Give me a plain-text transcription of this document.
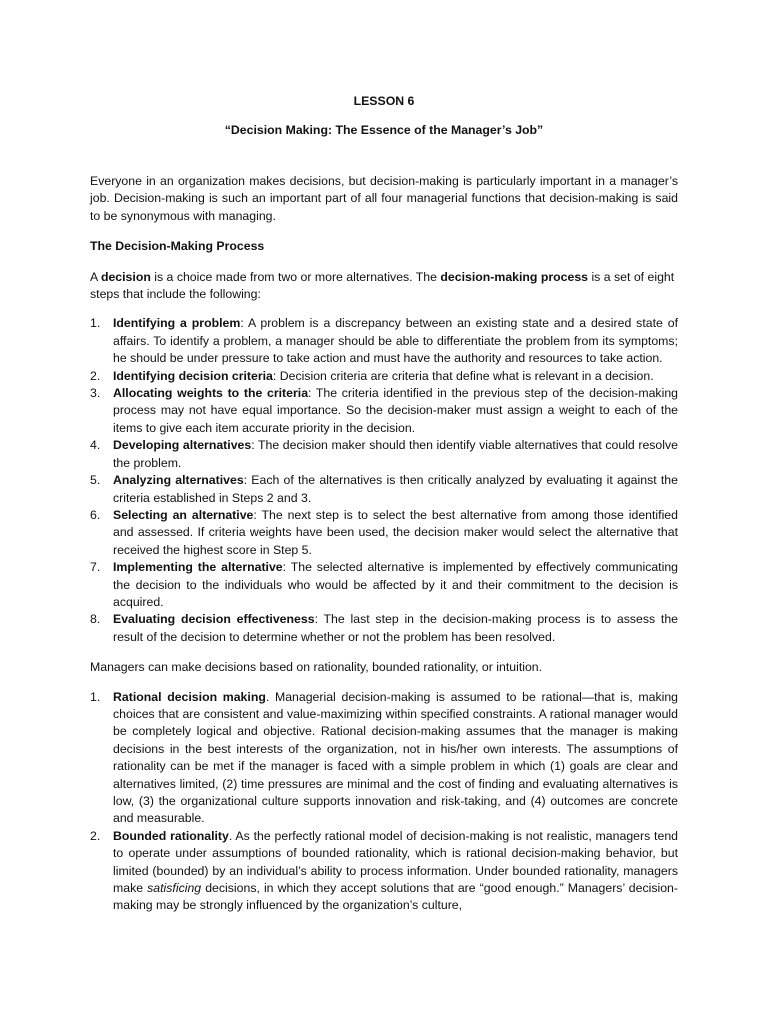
LESSON 6

“Decision Making: The Essence of the Manager’s Job”

Everyone in an organization makes decisions, but decision-making is particularly important in a manager’s job. Decision-making is such an important part of all four managerial functions that decision-making is said to be synonymous with managing.

The Decision-Making Process

A decision is a choice made from two or more alternatives. The decision-making process is a set of eight steps that include the following:

1. Identifying a problem: A problem is a discrepancy between an existing state and a desired state of affairs. To identify a problem, a manager should be able to differentiate the problem from its symptoms; he should be under pressure to take action and must have the authority and resources to take action.
2. Identifying decision criteria: Decision criteria are criteria that define what is relevant in a decision.
3. Allocating weights to the criteria: The criteria identified in the previous step of the decision-making process may not have equal importance. So the decision-maker must assign a weight to each of the items to give each item accurate priority in the decision.
4. Developing alternatives: The decision maker should then identify viable alternatives that could resolve the problem.
5. Analyzing alternatives: Each of the alternatives is then critically analyzed by evaluating it against the criteria established in Steps 2 and 3.
6. Selecting an alternative: The next step is to select the best alternative from among those identified and assessed. If criteria weights have been used, the decision maker would select the alternative that received the highest score in Step 5.
7. Implementing the alternative: The selected alternative is implemented by effectively communicating the decision to the individuals who would be affected by it and their commitment to the decision is acquired.
8. Evaluating decision effectiveness: The last step in the decision-making process is to assess the result of the decision to determine whether or not the problem has been resolved.

Managers can make decisions based on rationality, bounded rationality, or intuition.

1. Rational decision making. Managerial decision-making is assumed to be rational—that is, making choices that are consistent and value-maximizing within specified constraints. A rational manager would be completely logical and objective. Rational decision-making assumes that the manager is making decisions in the best interests of the organization, not in his/her own interests. The assumptions of rationality can be met if the manager is faced with a simple problem in which (1) goals are clear and alternatives limited, (2) time pressures are minimal and the cost of finding and evaluating alternatives is low, (3) the organizational culture supports innovation and risk-taking, and (4) outcomes are concrete and measurable.
2. Bounded rationality. As the perfectly rational model of decision-making is not realistic, managers tend to operate under assumptions of bounded rationality, which is rational decision-making behavior, but limited (bounded) by an individual’s ability to process information. Under bounded rationality, managers make satisficing decisions, in which they accept solutions that are “good enough.” Managers’ decision-making may be strongly influenced by the organization’s culture,
